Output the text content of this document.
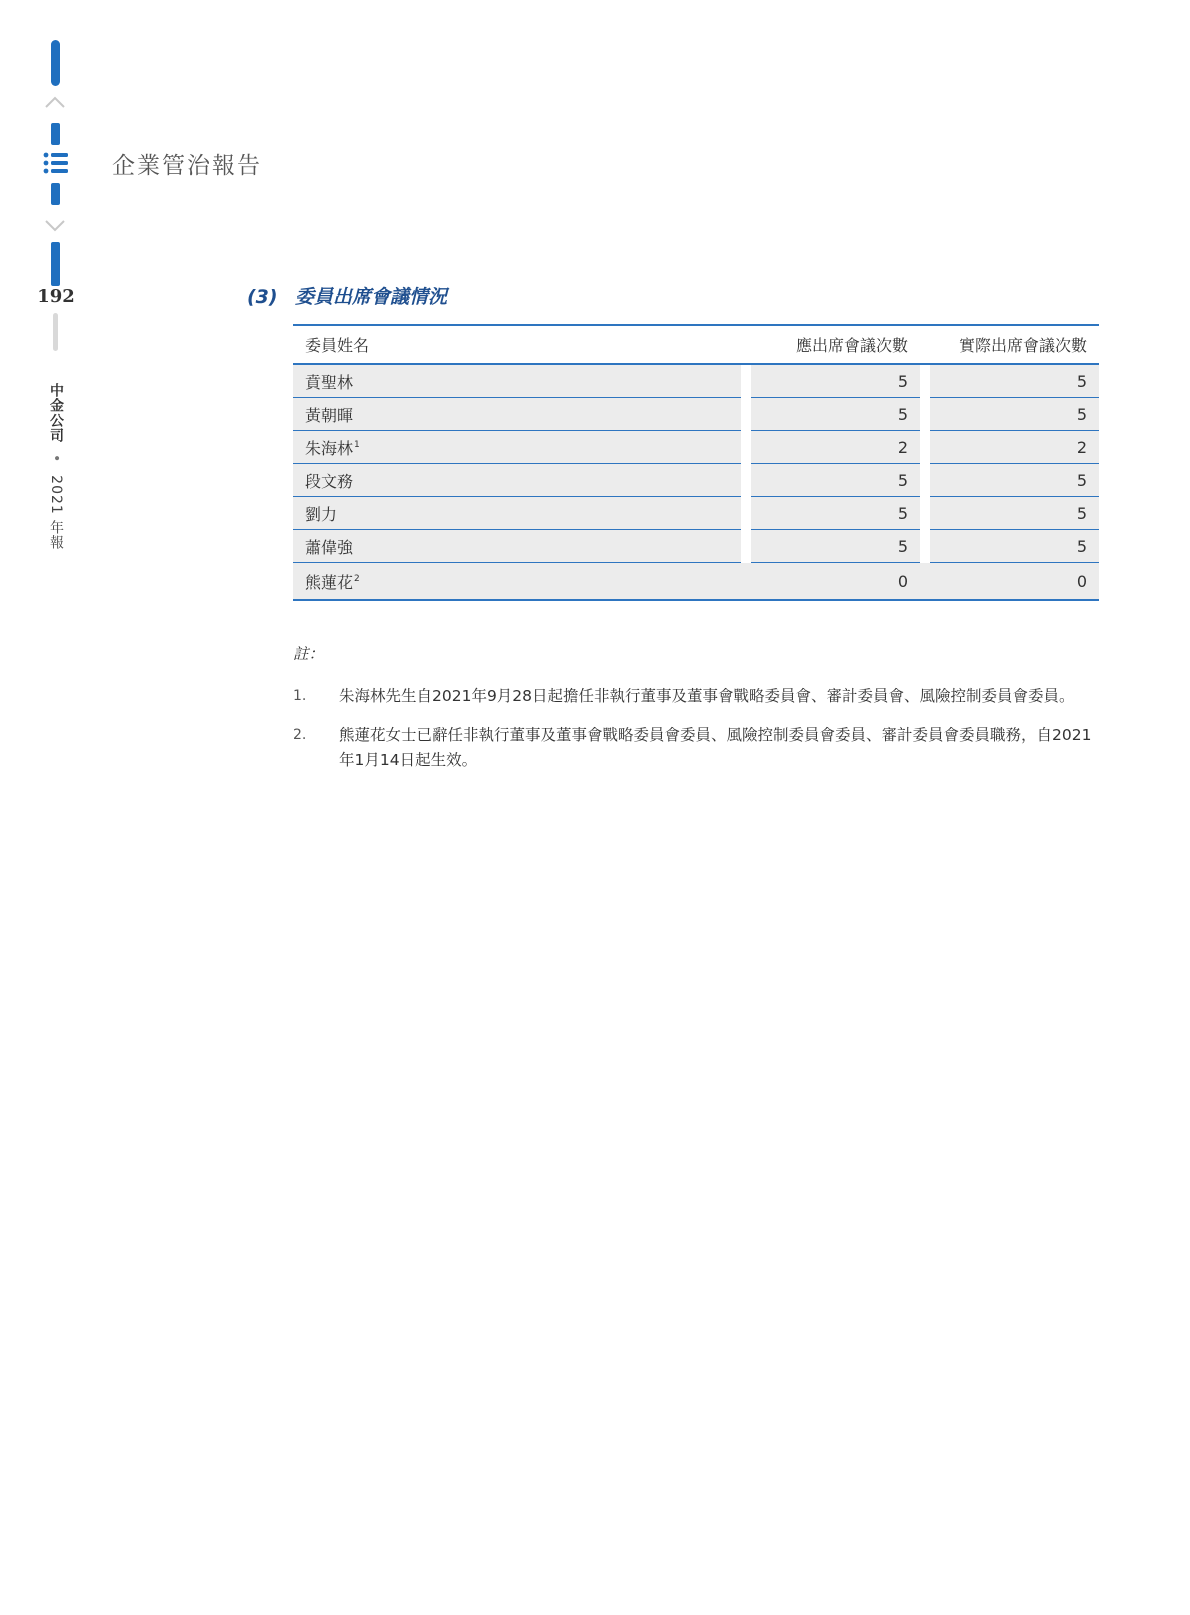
192
中金公司 • 2021 年報
企業管治報告
(3) 委員出席會議情況
委員姓名		應出席會議次數		實際出席會議次數
賁聖林		5		5
黃朝暉		5		5
朱海林$^1$		2		2
段文務		5		5
劉力		5		5
蕭偉強		5		5
熊蓮花$^2$		0		0
註：
1. 朱海林先生自2021年9月28日起擔任非執行董事及董事會戰略委員會、審計委員會、風險控制委員會委員。
2. 熊蓮花女士已辭任非執行董事及董事會戰略委員會委員、風險控制委員會委員、審計委員會委員職務，自2021年1月14日起生效。
